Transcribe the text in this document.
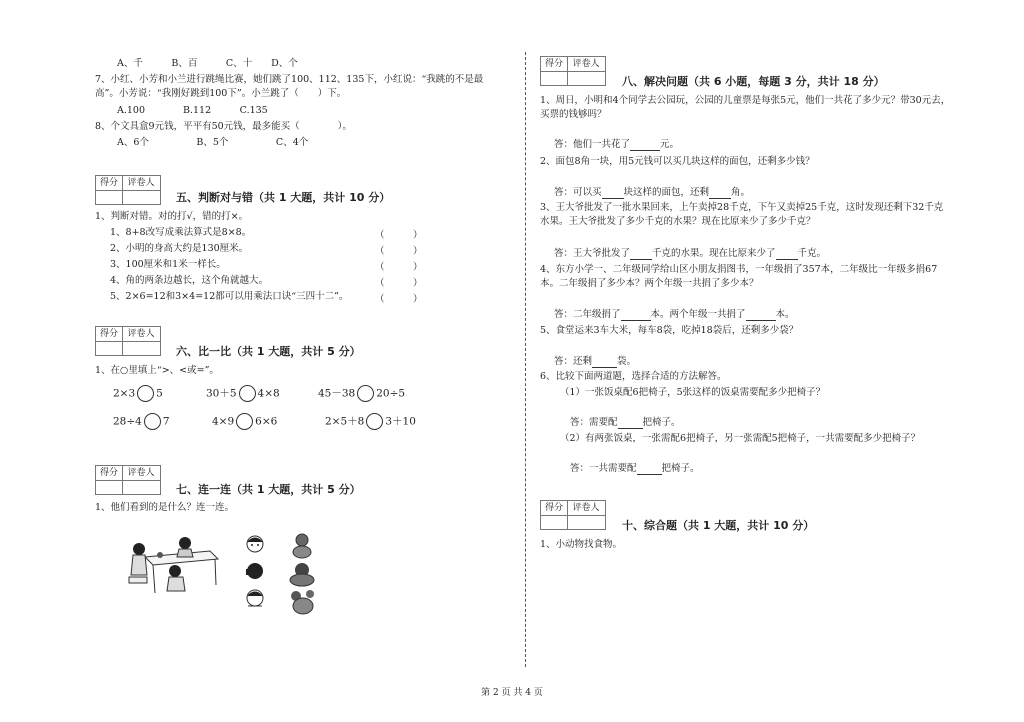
A、千　　　B、百　　　C、十　　D、个
7、小红、小芳和小兰进行跳绳比赛，她们跳了100、112、135下，小红说：“我跳的不是最
高”。小芳说：“我刚好跳到100下”。小兰跳了（　　）下。
A.100　　　　B.112　　　C.135
8、个文具盒9元钱，平平有50元钱，最多能买（　　　　）。
A、6个　　　　　B、5个　　　　　C、4个
得分	评卷人
五、判断对与错（共 1 大题，共计 10 分）
1、判断对错。对的打√，错的打×。
1、8+8改写成乘法算式是8×8。	（　　　）
2、小明的身高大约是130厘米。	（　　　）
3、100厘米和1米一样长。	（　　　）
4、角的两条边越长，这个角就越大。	（　　　）
5、2×6=12和3×4=12都可以用乘法口诀“三四十二”。	（　　　）
得分	评卷人
六、比一比（共 1 大题，共计 5 分）
1、在○里填上“>、<或=”。
2×3 5	30＋5 4×8	45－38 20÷5
28÷4 7	4×9 6×6	2×5＋8 3＋10
得分	评卷人
七、连一连（共 1 大题，共计 5 分）
1、他们看到的是什么？连一连。
得分	评卷人
八、解决问题（共 6 小题，每题 3 分，共计 18 分）
1、周日，小明和4个同学去公园玩，公园的儿童票是每张5元，他们一共花了多少元？带30元去，
买票的钱够吗？
答：他们一共花了	元。
2、面包8角一块，用5元钱可以买几块这样的面包，还剩多少钱？
答：可以买 块这样的面包，还剩 角。
3、王大爷批发了一批水果回来，上午卖掉28千克，下午又卖掉25千克，这时发现还剩下32千克
水果。王大爷批发了多少千克的水果？现在比原来少了多少千克？
答：王大爷批发了 千克的水果。现在比原来少了 千克。
4、东方小学一、二年级同学给山区小朋友捐图书，一年级捐了357本，二年级比一年级多捐67
本。二年级捐了多少本？两个年级一共捐了多少本？
答：二年级捐了	本。两个年级一共捐了	本。
5、食堂运来3车大米，每车8袋，吃掉18袋后，还剩多少袋？
答：还剩	袋。
6、比较下面两道题，选择合适的方法解答。
（1）一张饭桌配6把椅子，5张这样的饭桌需要配多少把椅子？
答：需要配	把椅子。
（2）有两张饭桌，一张需配6把椅子，另一张需配5把椅子，一共需要配多少把椅子？
答：一共需要配	把椅子。
得分	评卷人
十、综合题（共 1 大题，共计 10 分）
1、小动物找食物。
第 2 页 共 4 页
